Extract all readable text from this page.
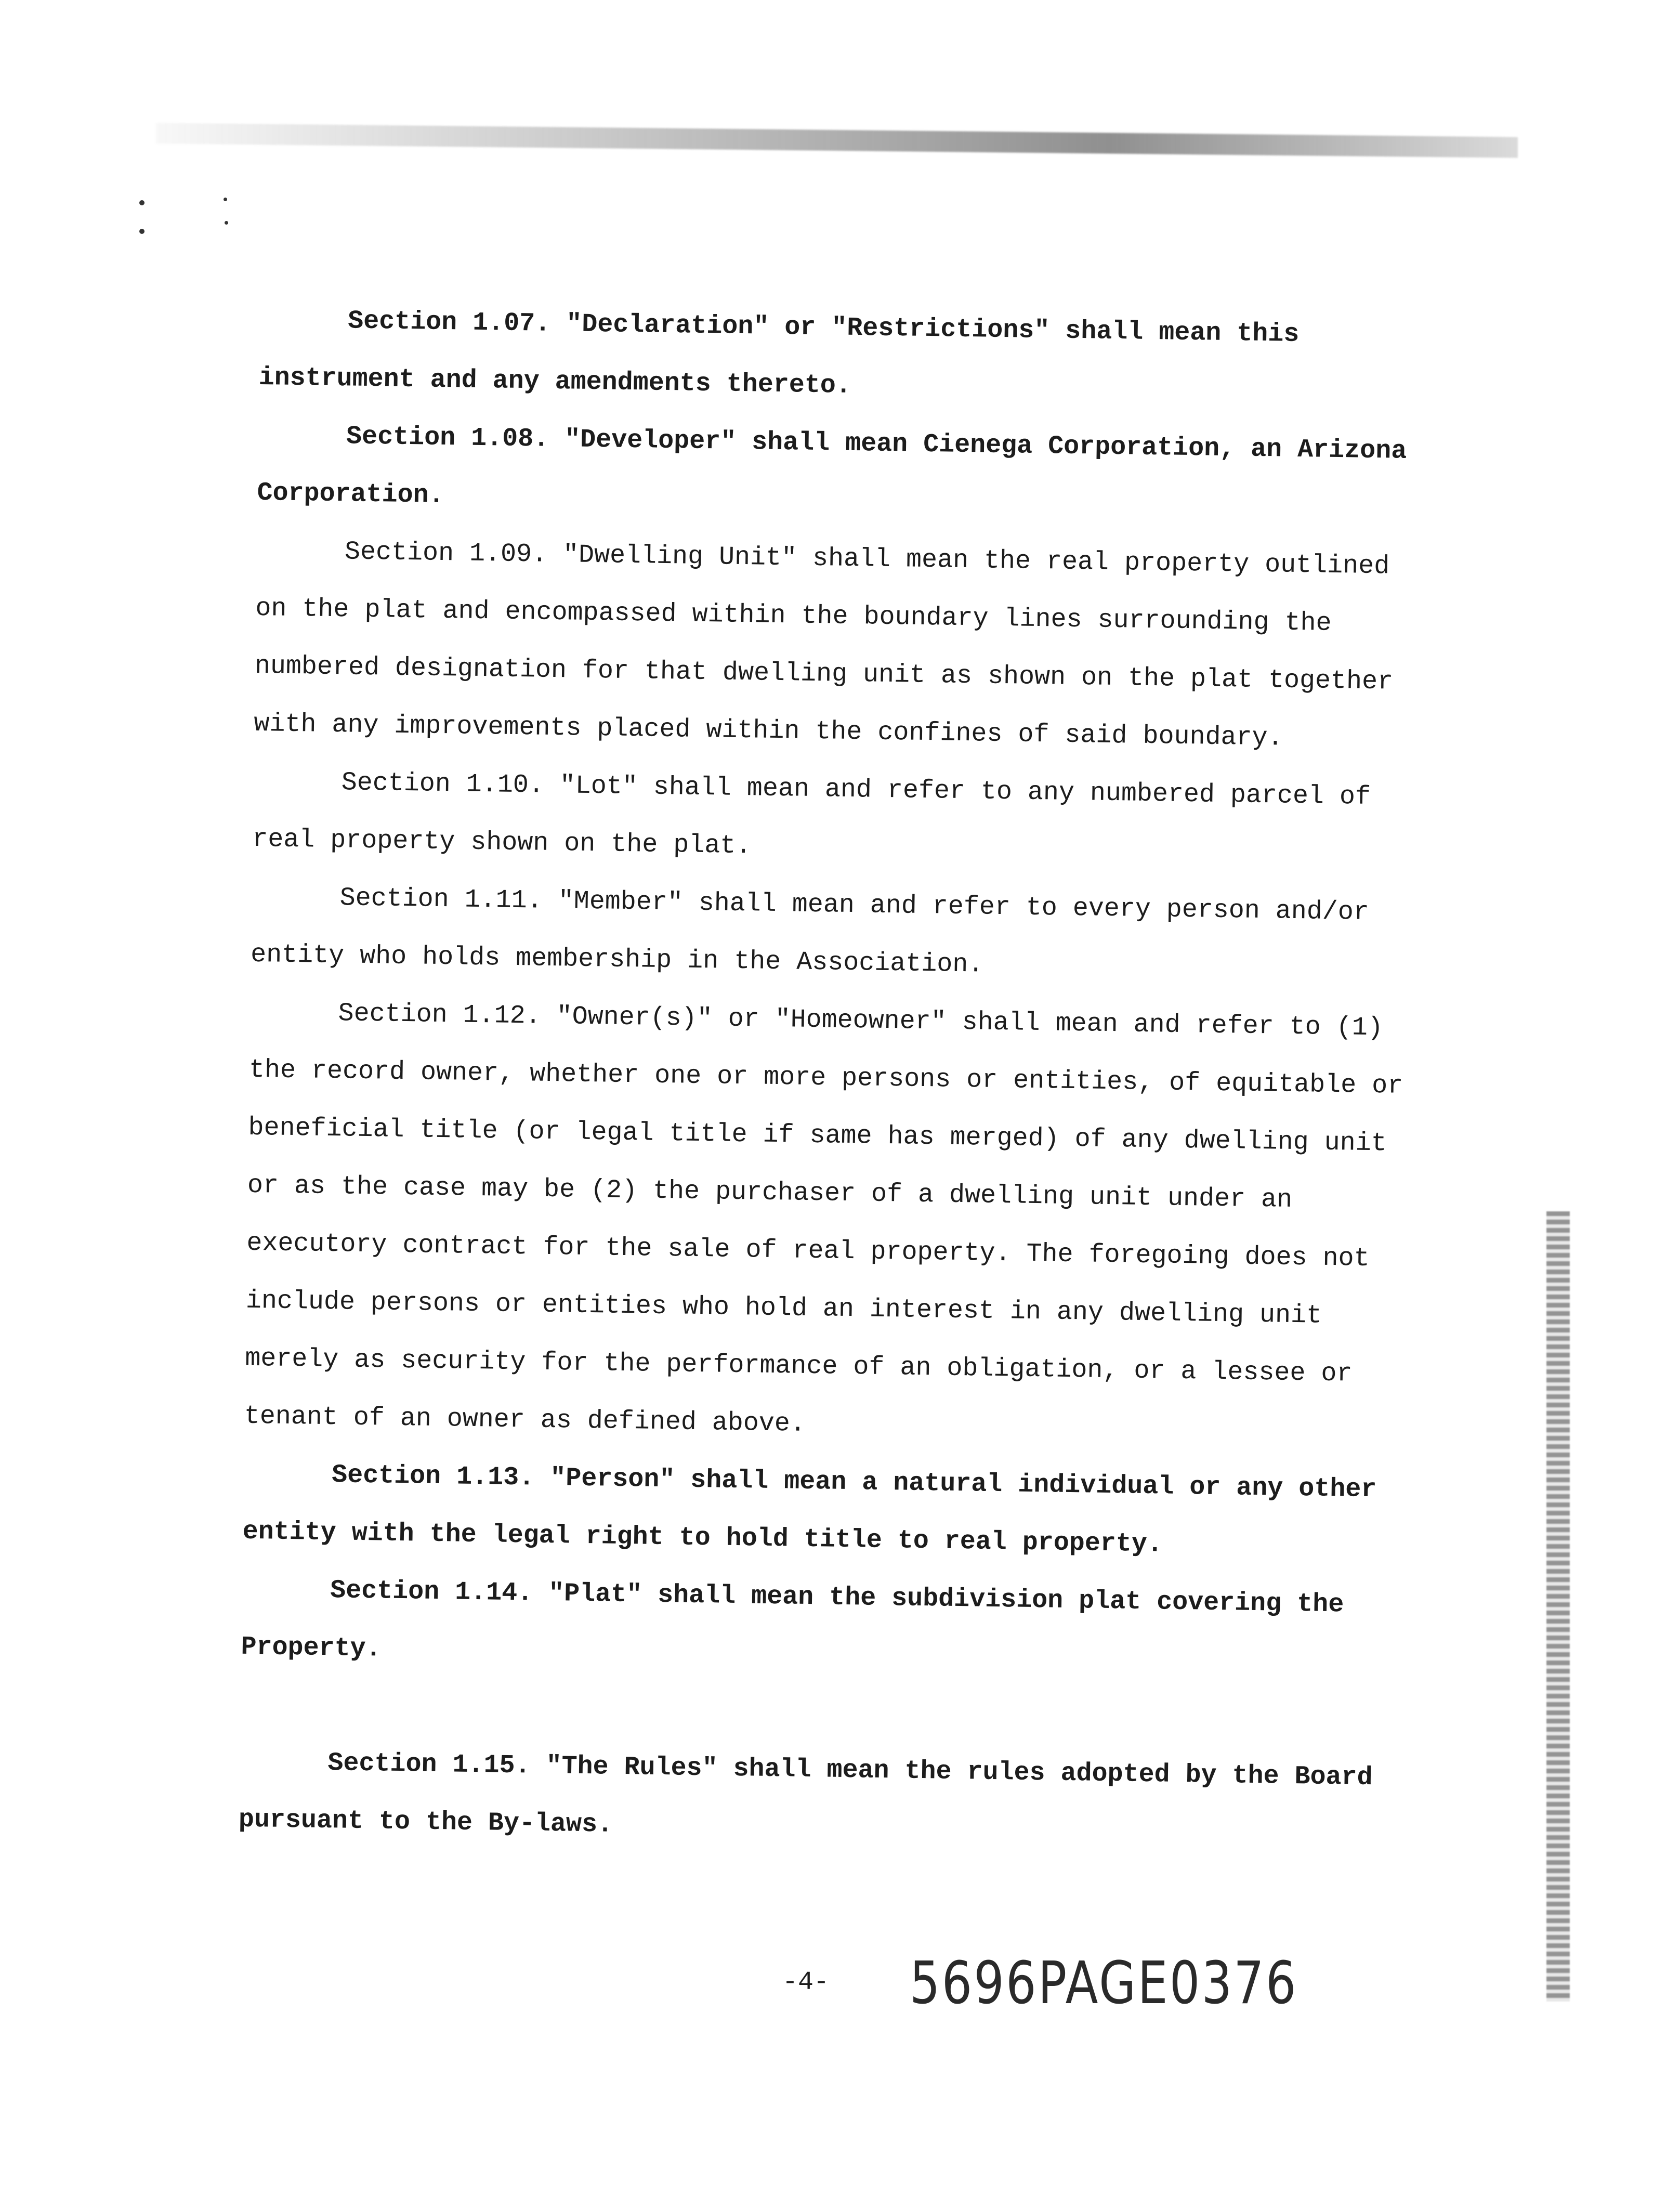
Section 1.07. "Declaration" or "Restrictions" shall mean this instrument and any amendments thereto.

Section 1.08. "Developer" shall mean Cienega Corporation, an Arizona Corporation.

Section 1.09. "Dwelling Unit" shall mean the real property outlined on the plat and encompassed within the boundary lines surrounding the numbered designation for that dwelling unit as shown on the plat together with any improvements placed within the confines of said boundary.

Section 1.10. "Lot" shall mean and refer to any numbered parcel of real property shown on the plat.

Section 1.11. "Member" shall mean and refer to every person and/or entity who holds membership in the Association.

Section 1.12. "Owner(s)" or "Homeowner" shall mean and refer to (1) the record owner, whether one or more persons or entities, of equitable or beneficial title (or legal title if same has merged) of any dwelling unit or as the case may be (2) the purchaser of a dwelling unit under an executory contract for the sale of real property. The foregoing does not include persons or entities who hold an interest in any dwelling unit merely as security for the performance of an obligation, or a lessee or tenant of an owner as defined above.

Section 1.13. "Person" shall mean a natural individual or any other entity with the legal right to hold title to real property.

Section 1.14. "Plat" shall mean the subdivision plat covering the Property.

Section 1.15. "The Rules" shall mean the rules adopted by the Board pursuant to the By-laws.

-4- 5696PAGE0376
